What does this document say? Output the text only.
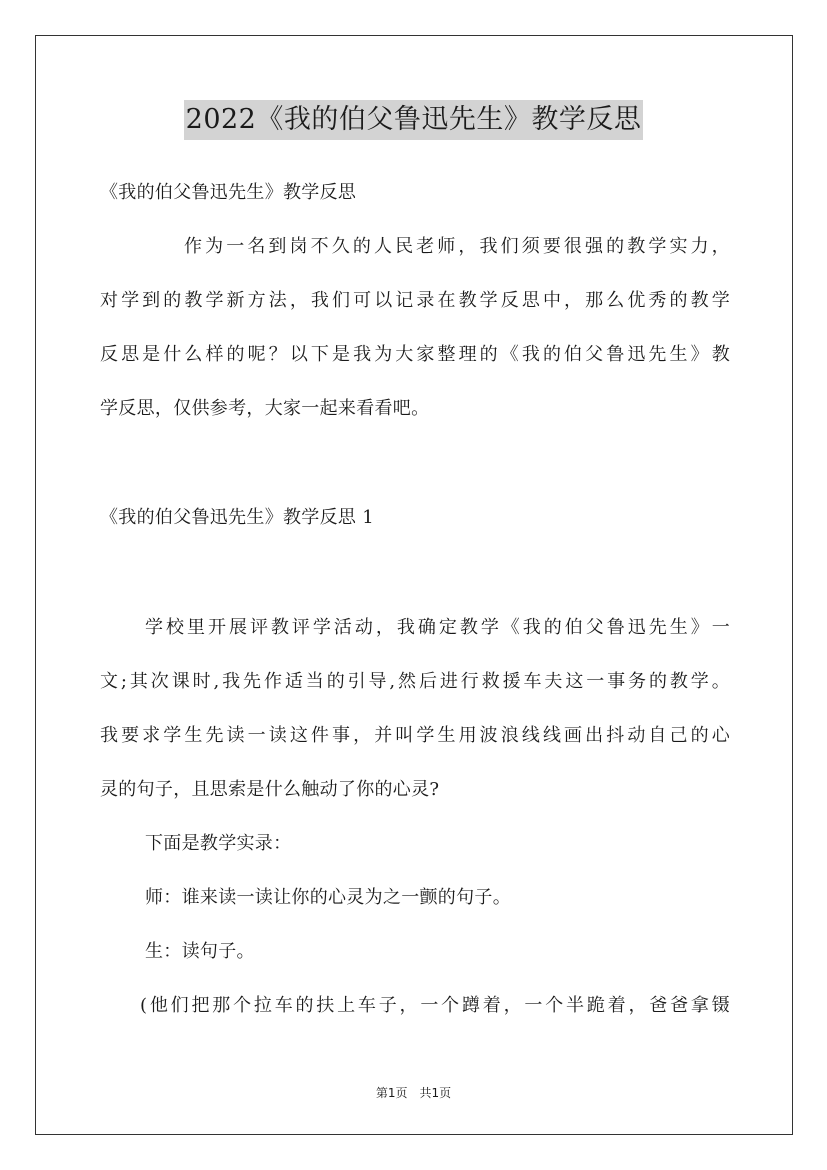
2022《我的伯父鲁迅先生》教学反思
《我的伯父鲁迅先生》教学反思
作为一名到岗不久的人民老师，我们须要很强的教学实力，
对学到的教学新方法，我们可以记录在教学反思中，那么优秀的教学
反思是什么样的呢？以下是我为大家整理的《我的伯父鲁迅先生》教
学反思，仅供参考，大家一起来看看吧。
《我的伯父鲁迅先生》教学反思 1
学校里开展评教评学活动，我确定教学《我的伯父鲁迅先生》一
文;其次课时,我先作适当的引导,然后进行救援车夫这一事务的教学。
我要求学生先读一读这件事，并叫学生用波浪线线画出抖动自己的心
灵的句子，且思索是什么触动了你的心灵?
下面是教学实录：
师：谁来读一读让你的心灵为之一颤的句子。
生：读句子。
(他们把那个拉车的扶上车子，一个蹲着，一个半跪着，爸爸拿镊
第1页　共1页
